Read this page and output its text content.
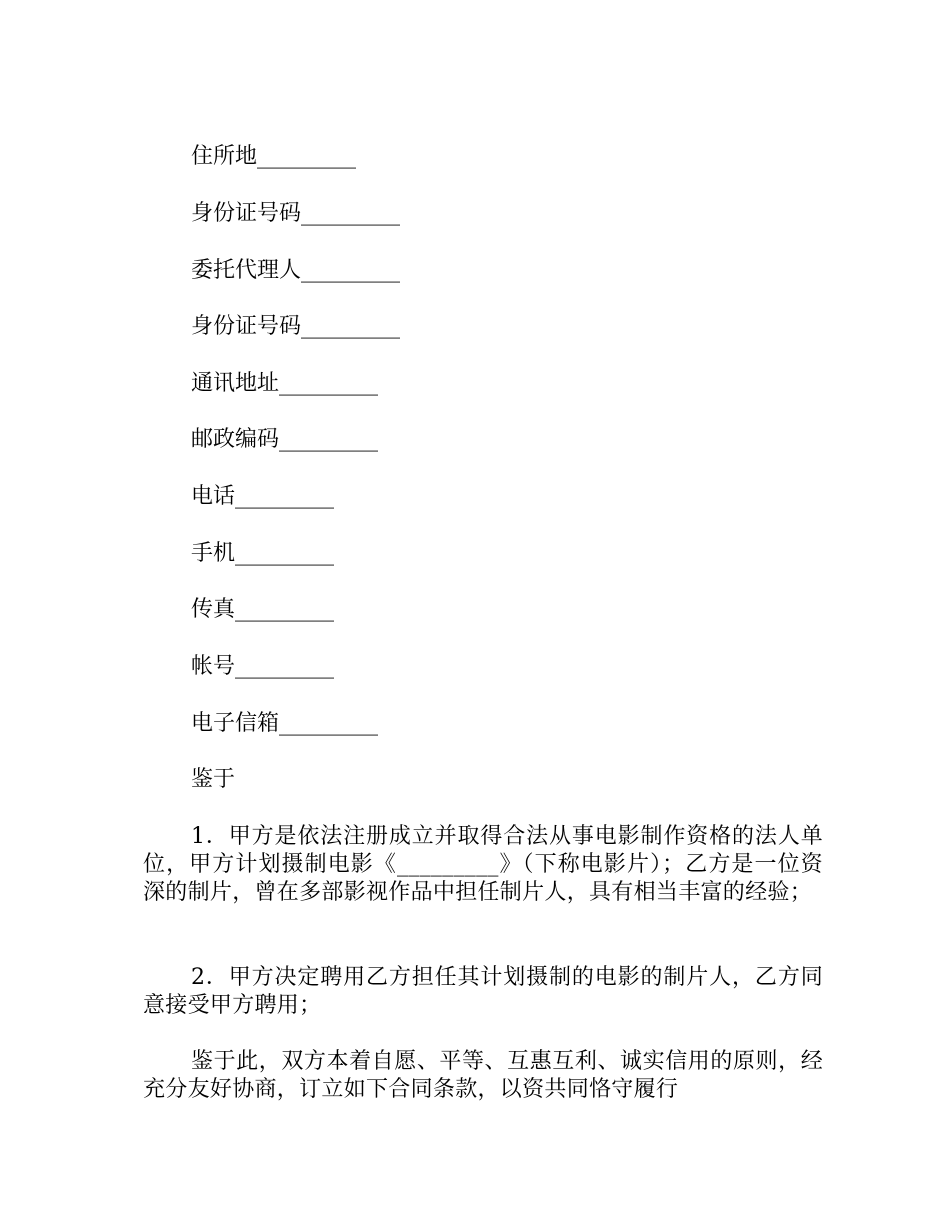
住所地_________
身份证号码_________
委托代理人_________
身份证号码_________
通讯地址_________
邮政编码_________
电话_________
手机_________
传真_________
帐号_________
电子信箱_________
鉴于
1．甲方是依法注册成立并取得合法从事电影制作资格的法人单位，甲方计划摄制电影《_________》（下称电影片）；乙方是一位资深的制片，曾在多部影视作品中担任制片人，具有相当丰富的经验；
2．甲方决定聘用乙方担任其计划摄制的电影的制片人，乙方同意接受甲方聘用；
鉴于此，双方本着自愿、平等、互惠互利、诚实信用的原则，经充分友好协商，订立如下合同条款，以资共同恪守履行
